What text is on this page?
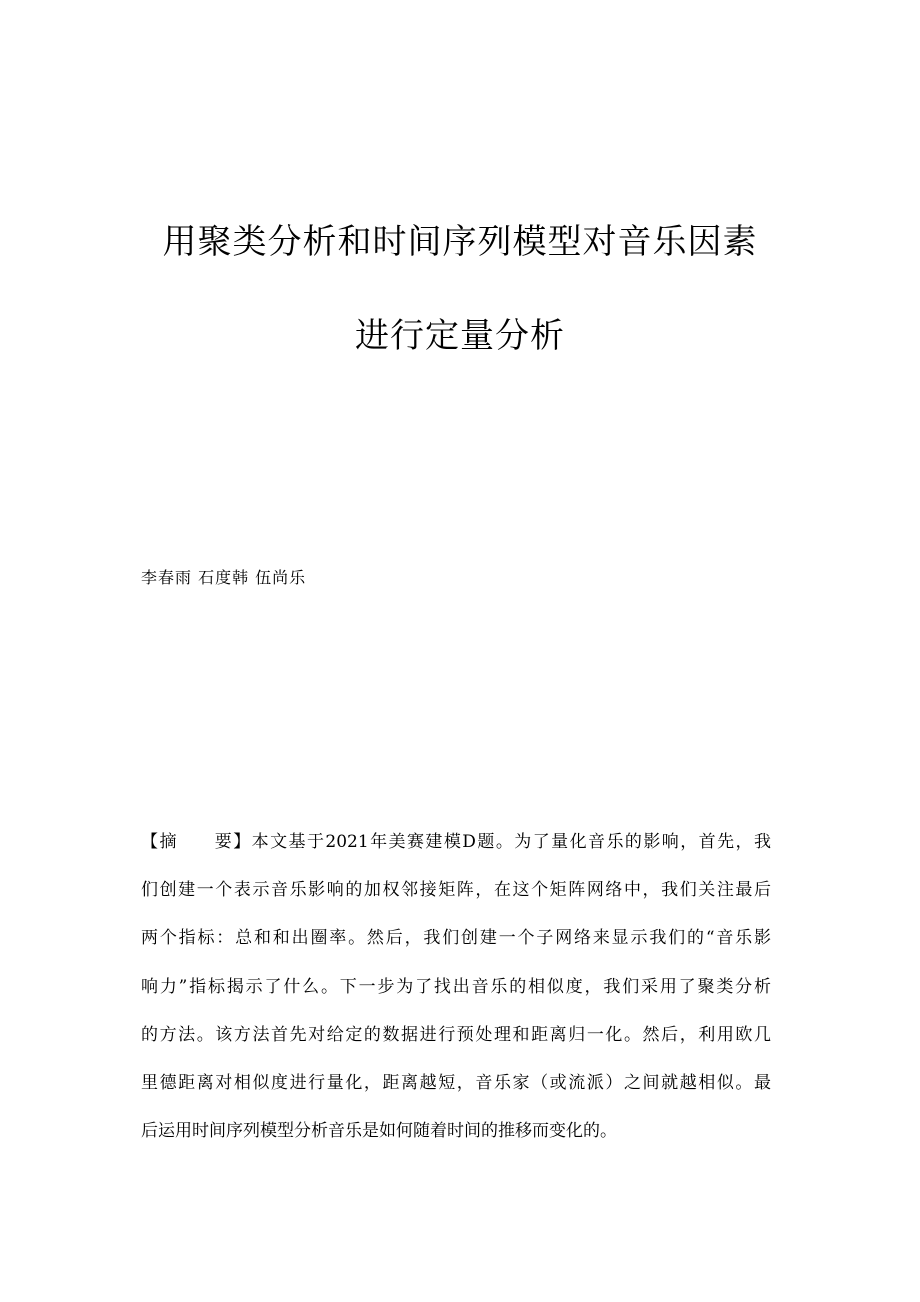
用聚类分析和时间序列模型对音乐因素
进行定量分析
李春雨 石度韩 伍尚乐
【摘　　要】本文基于2021年美赛建模D题。为了量化音乐的影响，首先，我
们创建一个表示音乐影响的加权邻接矩阵，在这个矩阵网络中，我们关注最后
两个指标：总和和出圈率。然后，我们创建一个子网络来显示我们的“音乐影
响力”指标揭示了什么。下一步为了找出音乐的相似度，我们采用了聚类分析
的方法。该方法首先对给定的数据进行预处理和距离归一化。然后，利用欧几
里德距离对相似度进行量化，距离越短，音乐家（或流派）之间就越相似。最
后运用时间序列模型分析音乐是如何随着时间的推移而变化的。
